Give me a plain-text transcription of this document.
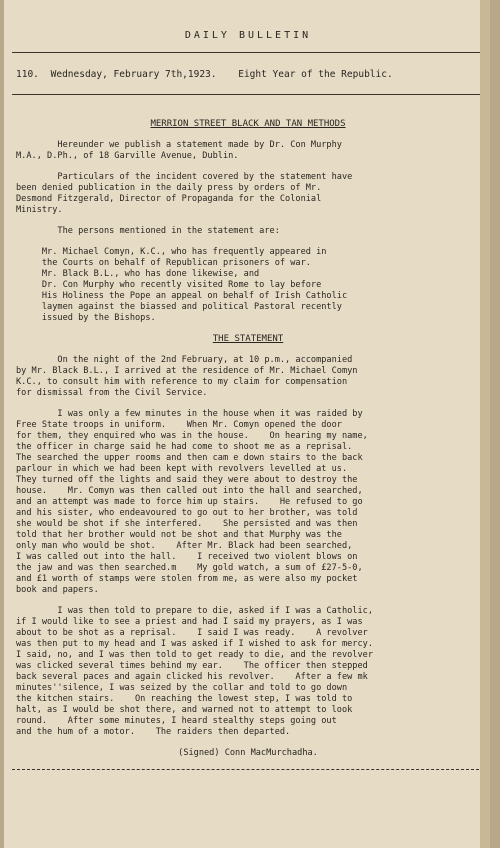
DAILY BULLETIN
110. Wednesday, February 7th,1923. Eight Year of the Republic.
MERRION STREET BLACK AND TAN METHODS

Hereunder we publish a statement made by Dr. Con Murphy
M.A., D.Ph., of 18 Garville Avenue, Dublin.

Particulars of the incident covered by the statement have
been denied publication in the daily press by orders of Mr.
Desmond Fitzgerald, Director of Propaganda for the Colonial
Ministry.

The persons mentioned in the statement are:

Mr. Michael Comyn, K.C., who has frequently appeared in
the Courts on behalf of Republican prisoners of war.
Mr. Black B.L., who has done likewise, and
Dr. Con Murphy who recently visited Rome to lay before
His Holiness the Pope an appeal on behalf of Irish Catholic
laymen against the biassed and political Pastoral recently
issued by the Bishops.

THE STATEMENT

On the night of the 2nd February, at 10 p.m., accompanied
by Mr. Black B.L., I arrived at the residence of Mr. Michael Comyn
K.C., to consult him with reference to my claim for compensation
for dismissal from the Civil Service.

I was only a few minutes in the house when it was raided by
Free State troops in uniform.    When Mr. Comyn opened the door
for them, they enquired who was in the house.    On hearing my name,
the officer in charge said he had come to shoot me as a reprisal.
The searched the upper rooms and then cam e down stairs to the back
parlour in which we had been kept with revolvers levelled at us.
They turned off the lights and said they were about to destroy the
house.    Mr. Comyn was then called out into the hall and searched,
and an attempt was made to force him up stairs.    He refused to go
and his sister, who endeavoured to go out to her brother, was told
she would be shot if she interfered.    She persisted and was then
told that her brother would not be shot and that Murphy was the
only man who would be shot.    After Mr. Black had been searched,
I was called out into the hall.    I received two violent blows on
the jaw and was then searched.m    My gold watch, a sum of £27-5-0,
and £1 worth of stamps were stolen from me, as were also my pocket
book and papers.

I was then told to prepare to die, asked if I was a Catholic,
if I would like to see a priest and had I said my prayers, as I was
about to be shot as a reprisal.    I said I was ready.    A revolver
was then put to my head and I was asked if I wished to ask for mercy.
I said, no, and I was then told to get ready to die, and the revolver
was clicked several times behind my ear.    The officer then stepped
back several paces and again clicked his revolver.    After a few mk
minutes''silence, I was seized by the collar and told to go down
the kitchen stairs.    On reaching the lowest step, I was told to
halt, as I would be shot there, and warned not to attempt to look
round.    After some minutes, I heard stealthy steps going out
and the hum of a motor.    The raiders then departed.

(Signed) Conn MacMurchadha.
